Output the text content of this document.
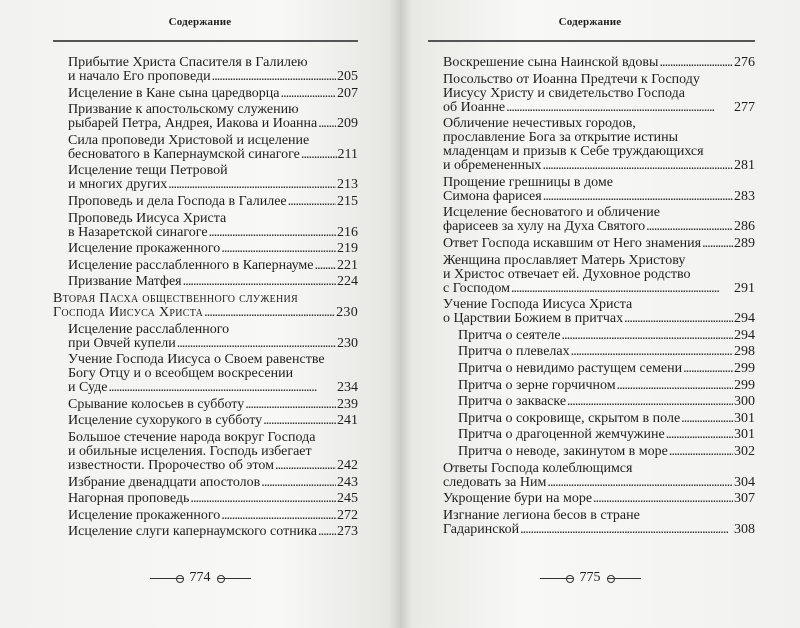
Содержание
Прибытие Христа Спасителя в Галилею
и начало Его проповеди . . .	205
Исцеление в Кане сына царедворца . . .	207
Призвание к апостольскому служению
рыбарей Петра, Андрея, Иакова и Иоанна . . . 209
Сила проповеди Христовой и исцеление
бесноватого в Капернаумской синагоге . . .	211
Исцеление тещи Петровой
и многих других . . .	213
Проповедь и дела Господа в Галилее . . .	215
Проповедь Иисуса Христа
в Назаретской синагоге . . .	216
Исцеление прокаженного . . .	219
Исцеление расслабленного в Капернауме . . . 221
Призвание Матфея . . .	224
Вторая Пасха общественного служения
Господа Иисуса Христа . . .	230
Исцеление расслабленного
при Овчей купели . . .	230
Учение Господа Иисуса о Своем равенстве
Богу Отцу и о всеобщем воскресении
и Суде . . .	234
Срывание колосьев в субботу . . .	239
Исцеление сухорукого в субботу . . .	241
Большое стечение народа вокруг Господа
и обильные исцеления. Господь избегает
известности. Пророчество об этом . . .	242
Избрание двенадцати апостолов . . .	243
Нагорная проповедь . . .	245
Исцеление прокаженного . . .	272
Исцеление слуги капернаумского сотника . . . 273
774
Содержание
Воскрешение сына Наинской вдовы . . .	276
Посольство от Иоанна Предтечи к Господу
Иисусу Христу и свидетельство Господа
об Иоанне . . .	277
Обличение нечестивых городов,
прославление Бога за открытие истины
младенцам и призыв к Себе труждающихся
и обремененных . . .	281
Прощение грешницы в доме
Симона фарисея . . .	283
Исцеление бесноватого и обличение
фарисеев за хулу на Духа Святого . . .	286
Ответ Господа искавшим от Него знамения . . . 289
Женщина прославляет Матерь Христову
и Христос отвечает ей. Духовное родство
с Господом . . .	291
Учение Господа Иисуса Христа
о Царствии Божием в притчах . . .	294
Притча о сеятеле . . .	294
Притча о плевелах . . .	298
Притча о невидимо растущем семени . . .	299
Притча о зерне горчичном . . .	299
Притча о закваске . . .	300
Притча о сокровище, скрытом в поле . . .	301
Притча о драгоценной жемчужине . . .	301
Притча о неводе, закинутом в море . . .	302
Ответы Господа колеблющимся
следовать за Ним . . .	304
Укрощение бури на море . . .	307
Изгнание легиона бесов в стране
Гадаринской . . .	308
775
